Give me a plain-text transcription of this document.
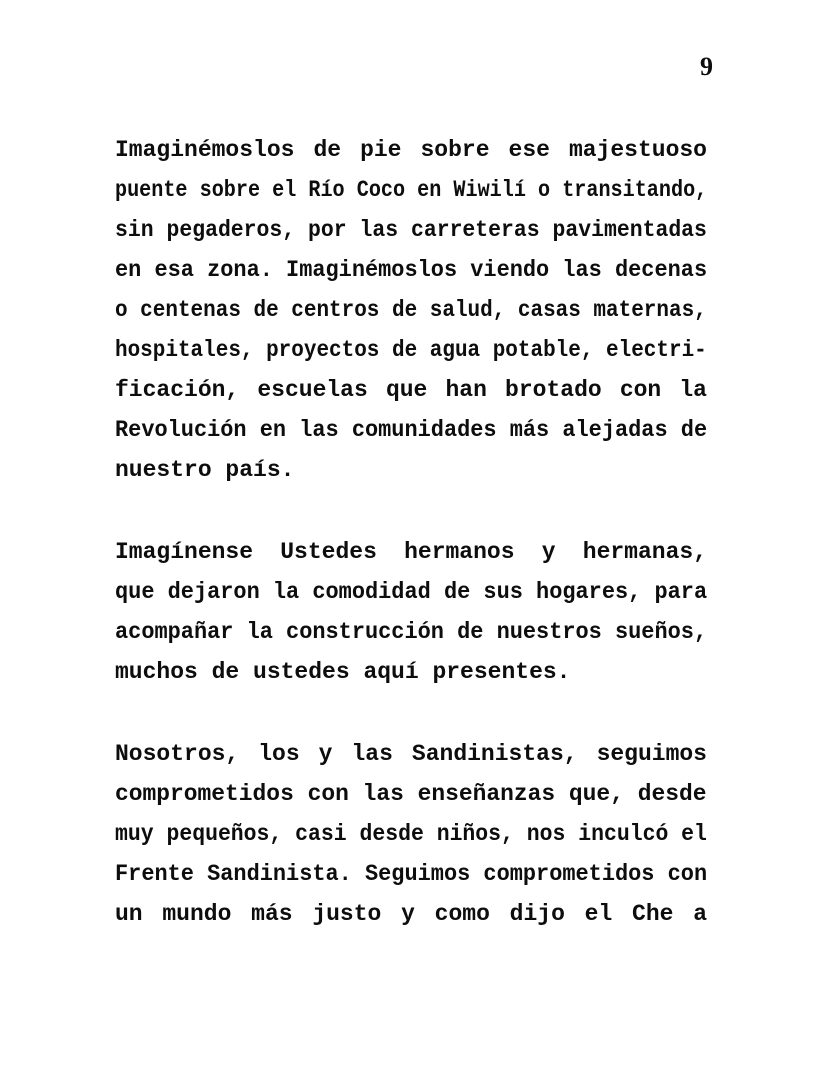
9
Imaginémoslos de pie sobre ese majestuoso
puente sobre el Río Coco en Wiwilí o transitando,
sin pegaderos, por las carreteras pavimentadas
en esa zona. Imaginémoslos viendo las decenas
o centenas de centros de salud, casas maternas,
hospitales, proyectos de agua potable, electri-
ficación, escuelas que han brotado con la
Revolución en las comunidades más alejadas de
nuestro país.
Imagínense Ustedes hermanos y hermanas,
que dejaron la comodidad de sus hogares, para
acompañar la construcción de nuestros sueños,
muchos de ustedes aquí presentes.
Nosotros, los y las Sandinistas, seguimos
comprometidos con las enseñanzas que, desde
muy pequeños, casi desde niños, nos inculcó el
Frente Sandinista. Seguimos comprometidos con
un mundo más justo y como dijo el Che a
